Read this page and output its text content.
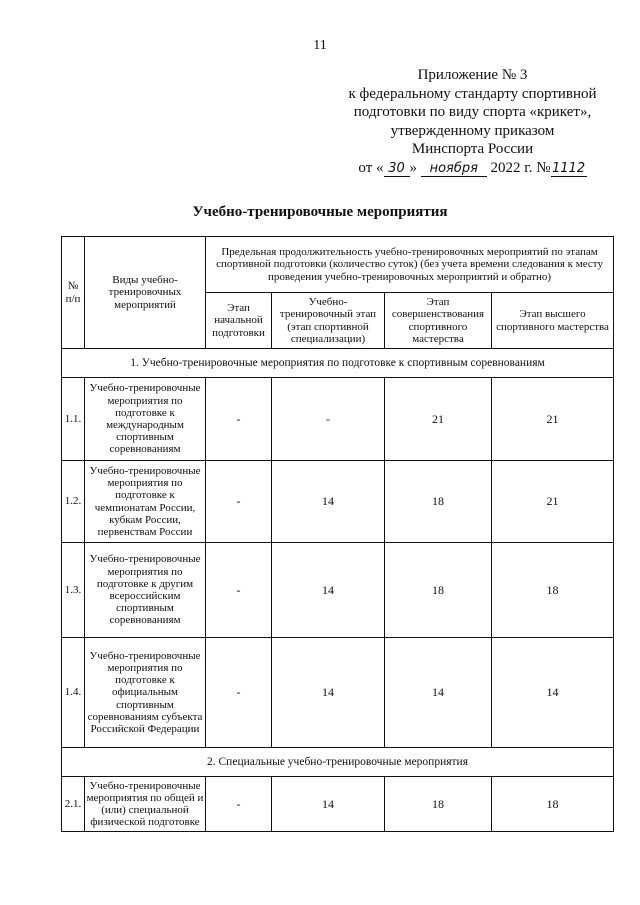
11
Приложение № 3
к федеральному стандарту спортивной
подготовки по виду спорта «крикет»,
утвержденному приказом
Минспорта России
от « 30 » ноября 2022 г. №1112
Учебно-тренировочные мероприятия
№ п/п	Виды учебно-тренировочных мероприятий	Предельная продолжительность учебно-тренировочных мероприятий по этапам спортивной подготовки (количество суток) (без учета времени следования к месту проведения учебно-тренировочных мероприятий и обратно)			
		Этап начальной подготовки	Учебно-тренировочный этап (этап спортивной специализации)	Этап совершенствования спортивного мастерства	Этап высшего спортивного мастерства
1. Учебно-тренировочные мероприятия по подготовке к спортивным соревнованиям					
1.1.	Учебно-тренировочные мероприятия по подготовке к международным спортивным соревнованиям	-	-	21	21
1.2.	Учебно-тренировочные мероприятия по подготовке к чемпионатам России, кубкам России, первенствам России	-	14	18	21
1.3.	Учебно-тренировочные мероприятия по подготовке к другим всероссийским спортивным соревнованиям	-	14	18	18
1.4.	Учебно-тренировочные мероприятия по подготовке к официальным спортивным соревнованиям субъекта Российской Федерации	-	14	14	14
2. Специальные учебно-тренировочные мероприятия					
2.1.	Учебно-тренировочные мероприятия по общей и (или) специальной физической подготовке	-	14	18	18
